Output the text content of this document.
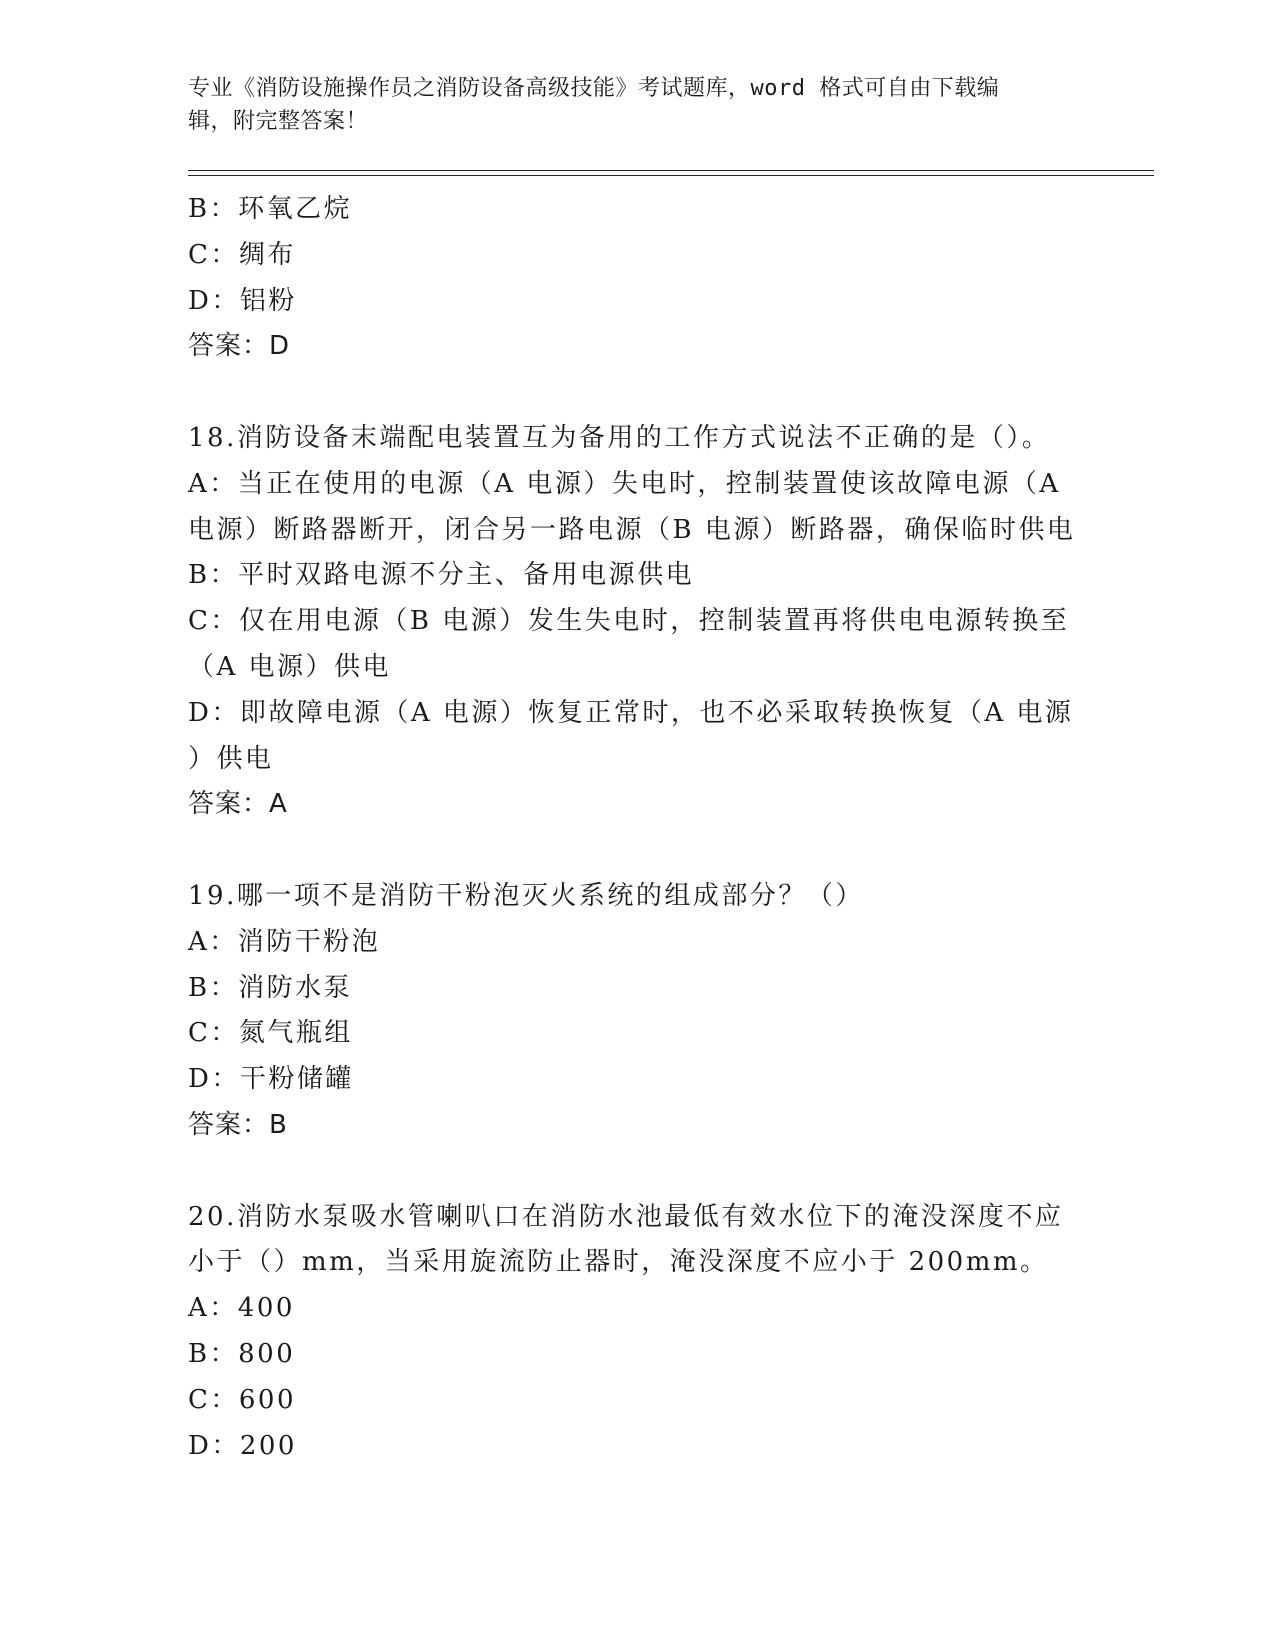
专业《消防设施操作员之消防设备高级技能》考试题库，word 格式可自由下载编
辑，附完整答案！
B：环氧乙烷
C：绸布
D：铝粉
答案：D
18.消防设备末端配电装置互为备用的工作方式说法不正确的是（）。
A：当正在使用的电源（A 电源）失电时，控制装置使该故障电源（A
电源）断路器断开，闭合另一路电源（B 电源）断路器，确保临时供电
B：平时双路电源不分主、备用电源供电
C：仅在用电源（B 电源）发生失电时，控制装置再将供电电源转换至
（A 电源）供电
D：即故障电源（A 电源）恢复正常时，也不必采取转换恢复（A 电源
）供电
答案：A
19.哪一项不是消防干粉泡灭火系统的组成部分？（）
A：消防干粉泡
B：消防水泵
C：氮气瓶组
D：干粉储罐
答案：B
20.消防水泵吸水管喇叭口在消防水池最低有效水位下的淹没深度不应
小于（）mm，当采用旋流防止器时，淹没深度不应小于 200mm。
A：400
B：800
C：600
D：200
